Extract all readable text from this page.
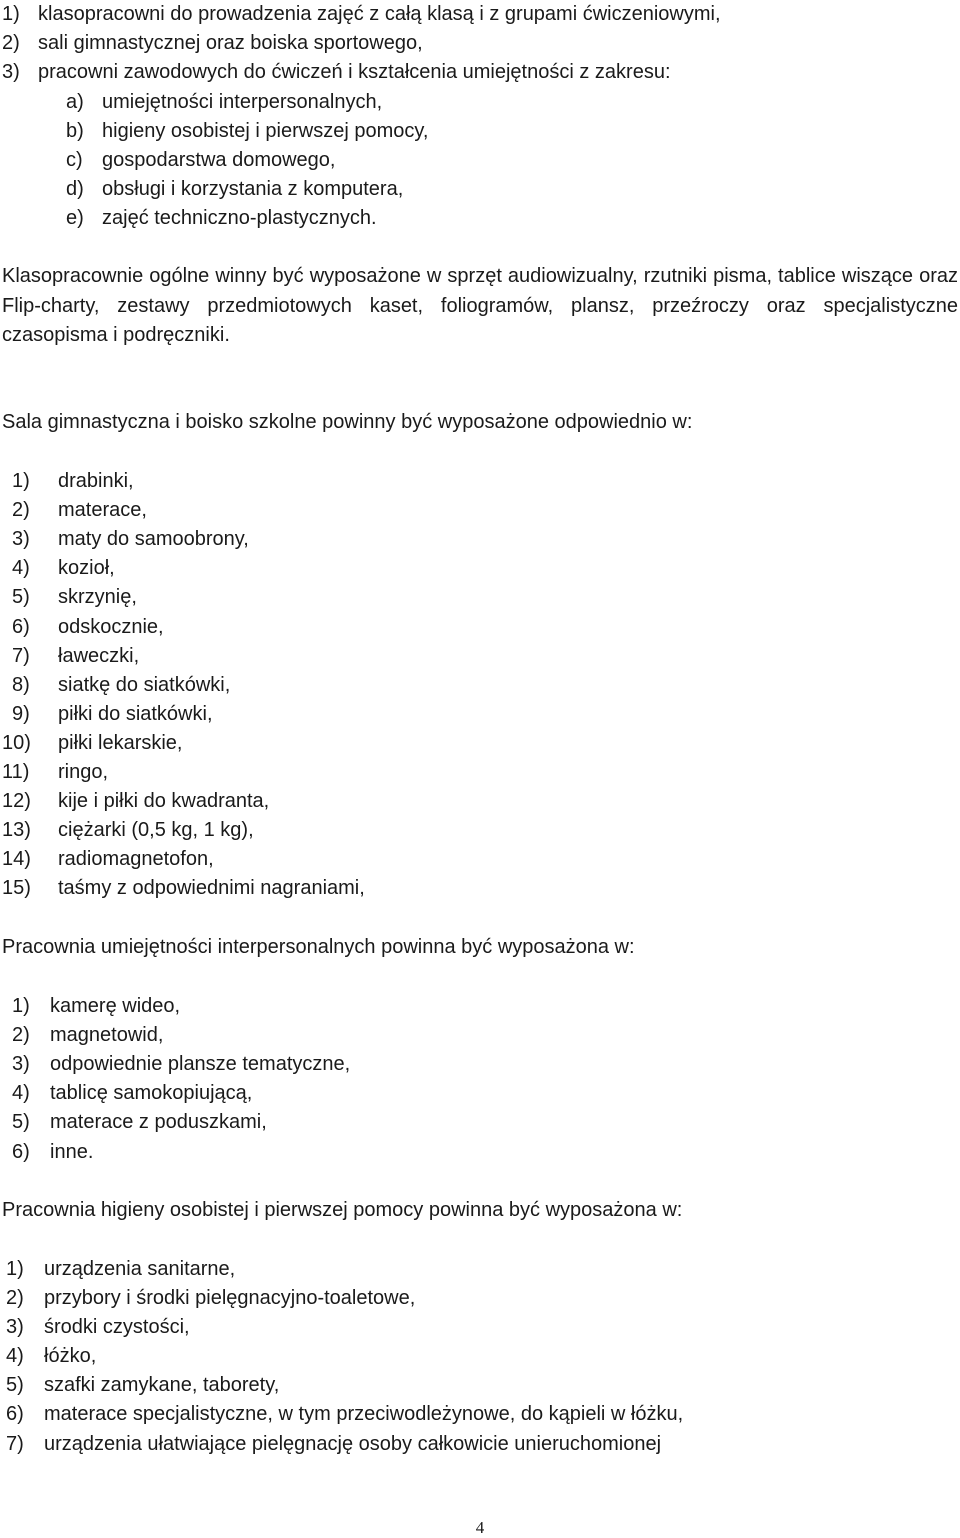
1) klasopracowni do prowadzenia zajęć z całą klasą i z grupami ćwiczeniowymi,
2) sali gimnastycznej oraz boiska sportowego,
3) pracowni zawodowych do ćwiczeń i kształcenia umiejętności z zakresu:
a) umiejętności interpersonalnych,
b) higieny osobistej i pierwszej pomocy,
c) gospodarstwa domowego,
d) obsługi i korzystania z komputera,
e) zajęć techniczno-plastycznych.
Klasopracownie ogólne winny być wyposażone w sprzęt audiowizualny, rzutniki pisma, tablice wiszące oraz Flip-charty, zestawy przedmiotowych kaset, foliogramów, plansz, przeźroczy oraz specjalistyczne czasopisma i podręczniki.
Sala gimnastyczna i boisko szkolne powinny być wyposażone odpowiednio w:
1) drabinki,
2) materace,
3) maty do samoobrony,
4) kozioł,
5) skrzynię,
6) odskocznie,
7) ławeczki,
8) siatkę do siatkówki,
9) piłki do siatkówki,
10) piłki lekarskie,
11) ringo,
12) kije i piłki do kwadranta,
13) ciężarki (0,5 kg, 1 kg),
14) radiomagnetofon,
15) taśmy z odpowiednimi nagraniami,
Pracownia umiejętności interpersonalnych powinna być wyposażona w:
1) kamerę wideo,
2) magnetowid,
3) odpowiednie plansze tematyczne,
4) tablicę samokopiującą,
5) materace z poduszkami,
6) inne.
Pracownia higieny osobistej i pierwszej pomocy powinna być wyposażona w:
1) urządzenia sanitarne,
2) przybory i środki pielęgnacyjno-toaletowe,
3) środki czystości,
4) łóżko,
5) szafki zamykane, taborety,
6) materace specjalistyczne, w tym przeciwodleżynowe, do kąpieli w łóżku,
7) urządzenia ułatwiające pielęgnację osoby całkowicie unieruchomionej
4
